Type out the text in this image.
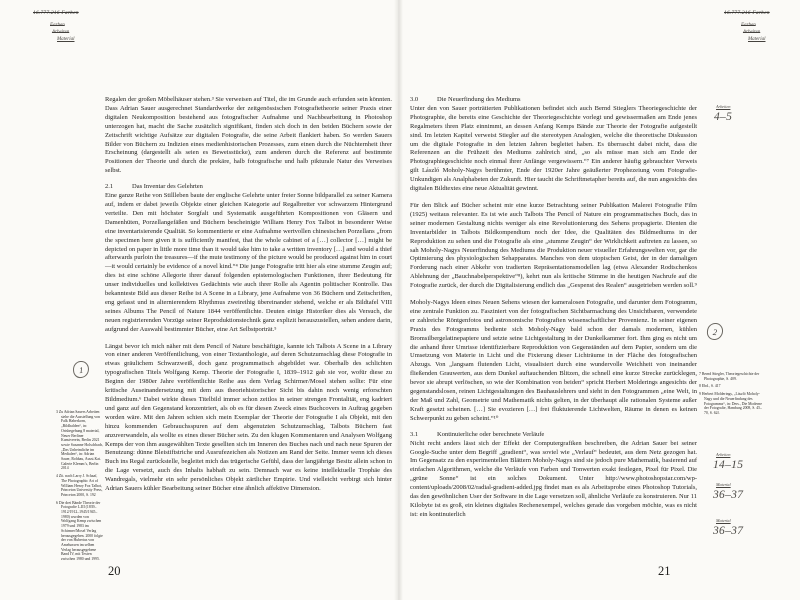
16.777.216 Farben
Farben
Arbeiten
Material
1
3 Zu Adrian Sauers Arbeiten siehe die Ausstellung von Falk Haberkorn, „Bildhalden“, in: Ortsbegehung 8 material, Neuer Berliner Kunstverein, Berlin 2021 sowie Susanne Holschbach, „Das Unheimliche im Medialen“, in: Adrian Sauer, Rohbau, Ausst.Kat. Galerie Klemm’s, Berlin 2014
4 Zit. nach Larry J. Schaaf, The Photographic Art of William Henry Fox Talbot, Princeton University Press, Princeton 2000, S. 192
6 Die drei Bände Theorie der Fotografie I–III (1839–1912/1912–1945/1945–1980) wurden von Wolfgang Kemp zwischen 1979 und 1983 im Schirmer/Mosel Verlag herausgegeben. 2000 folgte der von Hubertus von Amelunxen im selben Verlag herausgegebene Band IV, mit Texten zwischen 1980 und 1995.
Regalen der großen Möbelhäuser stehen.³ Sie verweisen auf Titel, die im Grunde auch erfunden sein könnten. Dass Adrian Sauer ausgerechnet Standardwerke der zeitgenössischen Fotografietheorie seiner Praxis einer digitalen Neukomposition bestehend aus fotografischer Aufnahme und Nachbearbeitung in Photoshop unterzogen hat, macht die Sache zusätzlich signifikant, finden sich doch in den beiden Büchern sowie der Zeitschrift wichtige Aufsätze zur digitalen Fotografie, die seine Arbeit flankiert haben. So werden Sauers Bilder von Büchern zu Indizien eines medienhistorischen Prozesses, zum einen durch die Nüchternheit ihrer Erscheinung (dargestellt als seien es Beweisstücke), zum anderen durch die Referenz auf bestimmte Positionen der Theorie und durch die prekäre, halb fotografische und halb pikturale Natur des Verweises selbst.
2.1	Das Inventar des Gelehrten
Eine ganze Reihe von Stillleben baute der englische Gelehrte unter freier Sonne bildparallel zu seiner Kamera auf, indem er dabei jeweils Objekte einer gleichen Kategorie auf Regalbretter vor schwarzem Hintergrund verteilte. Den mit höchster Sorgfalt und Systematik ausgeführten Kompositionen von Gläsern und Damenhüten, Porzellangefäßen und Büchern bescheinigte William Henry Fox Talbot in besonderer Weise eine inventarisierende Qualität. So kommentierte er eine Aufnahme wertvollen chinesischen Porzellans „from the specimen here given it is sufficiently manifest, that the whole cabinet of a […] collector […] might be depicted on paper in little more time than it would take him to take a written inventory […] and would a thief afterwards purloin the treasures—if the mute testimony of the picture would be produced against him in court—it would certainly be evidence of a novel kind.“⁴ Die junge Fotografie tritt hier als eine stumme Zeugin auf; dies ist eine schöne Allegorie ihrer darauf folgenden epistemologischen Funktionen, ihrer Bedeutung für unser individuelles und kollektives Gedächtnis wie auch ihrer Rolle als Agentin politischer Kontrolle. Das bekannteste Bild aus dieser Reihe ist A Scene in a Library, jene Aufnahme von 36 Büchern und Zeitschriften, eng gefasst und in alternierendem Rhythmus zweireihig übereinander stehend, welche er als Bildtafel VIII seines Albums The Pencil of Nature 1844 veröffentlichte. Deuten einige Historiker dies als Versuch, die neuen registrierenden Vorzüge seiner Reproduktionstechnik ganz explizit herauszustellen, sehen andere darin, aufgrund der Auswahl bestimmter Bücher, eine Art Selbstporträt.⁵
Längst bevor ich mich näher mit dem Pencil of Nature beschäftigte, kannte ich Talbots A Scene in a Library von einer anderen Veröffentlichung, von einer Textanthologie, auf deren Schutzumschlag diese Fotografie in etwas gräulichem Schwarzweiß, doch ganz programmatisch abgebildet war. Oberhalb des schlichten typografischen Titels Wolfgang Kemp. Theorie der Fotografie I, 1839–1912 gab sie vor, wofür diese zu Beginn der 1980er Jahre veröffentlichte Reihe aus dem Verlag Schirmer/Mosel stehen sollte: Für eine kritische Auseinandersetzung mit dem aus theoriehistorischer Sicht bis dahin noch wenig erforschten Bildmedium.⁶ Dabei wirkte dieses Titelbild immer schon zeitlos in seiner strengen Frontalität, eng kadriert und ganz auf den Gegenstand konzentriert, als ob es für diesen Zweck eines Buchcovers in Auftrag gegeben worden wäre. Mit den Jahren schien sich mein Exemplar der Theorie der Fotografie I als Objekt, mit den hinzu kommenden Gebrauchsspuren auf dem abgenutzten Schutzumschlag, Talbots Büchern fast anzuverwandeln, als wollte es eines dieser Bücher sein. Zu den klugen Kommentaren und Analysen Wolfgang Kemps der von ihm ausgewählten Texte gesellten sich im Inneren des Buches nach und nach neue Spuren der Benutzung: dünne Bleistiftstriche und Ausrufezeichen als Notizen am Rand der Seite. Immer wenn ich dieses Buch ins Regal zurückstelle, begleitet mich das trügerische Gefühl, dass der langjährige Besitz allein schon in die Lage versetzt, auch des Inhalts habhaft zu sein. Demnach war es keine intellektuelle Trophäe des Wandregals, vielmehr ein sehr persönliches Objekt zärtlicher Empirie. Und vielleicht verbirgt sich hinter Adrian Sauers kühler Bearbeitung seiner Bücher eine ähnlich affektive Dimension.
20
16.777.216 Farben
Farben
Arbeiten
Material
Arbeiten
4–5
2
7 Bernd Stiegler, Theoriegeschichte der Photographie, S. 409.
8 Ebd., S. 417
9 Herbert Molderings, „László Moholy-Nagy und die Neuerfindung des Fotogramms“, in: Ders., Die Moderne der Fotografie, Hamburg 2008, S. 45–70, S. 62f.
Arbeiten
14–15
Material
36–37
Material
36–37
3.0	Die Neuerfindung des Mediums
Unter den von Sauer porträtierten Publikationen befindet sich auch Bernd Stieglers Theoriegeschichte der Photographie, die bereits eine Geschichte der Theoriegeschichte vorlegt und gewissermaßen am Ende jenes Regalmeters ihren Platz einnimmt, an dessen Anfang Kemps Bände zur Theorie der Fotografie aufgestellt sind. Im letzten Kapitel verweist Stiegler auf die stereotypen Analogien, welche die theoretische Diskussion um die digitale Fotografie in den letzten Jahren begleitet haben. Es überrascht dabei nicht, dass die Referenzen an die Frühzeit des Mediums zahlreich sind, „so als müsse man sich am Ende der Photographiegeschichte noch einmal ihrer Anfänge vergewissern.“⁷ Ein anderer häufig gebrauchter Verweis gilt László Moholy-Nagys berühmter, Ende der 1920er Jahre geäußerter Prophezeiung vom Fotografie-Unkundigen als Analphabeten der Zukunft. Hier taucht die Schriftmetapher bereits auf, die nun angesichts des digitalen Bildtextes eine neue Aktualität gewinnt.
Für den Blick auf Bücher scheint mir eine kurze Betrachtung seiner Publikation Malerei Fotografie Film (1925) weitaus relevanter. Es ist wie auch Talbots The Pencil of Nature ein programmatisches Buch, das in seiner modernen Gestaltung nichts weniger als eine Revolutionierung des Sehens propagierte. Dienten die Inventarbilder in Talbots Bildkompendium noch der Idee, die Qualitäten des Bildmediums in der Reproduktion zu sehen und die Fotografie als eine „stumme Zeugin“ der Wirklichkeit auftreten zu lassen, so sah Moholy-Nagys Neuerfindung des Mediums die Produktion neuer visueller Erfahrungswelten vor, gar die Optimierung des physiologischen Sehapparates. Manches von dem utopischen Geist, der in der damaligen Forderung nach einer Abkehr von tradierten Repräsentationsmodellen lag (etwa Alexander Rodtschenkos Ablehnung der „Bauchnabelperspektive“⁸), kehrt nun als kritische Stimme in die heutigen Nachrufe auf die Fotografie zurück, der durch die Digitalisierung endlich das „Gespenst des Realen“ ausgetrieben werden soll.⁹
Moholy-Nagys Ideen eines Neuen Sehens wiesen der kameralosen Fotografie, und darunter dem Fotogramm, eine zentrale Funktion zu. Fasziniert von der fotografischen Sichtbarmachung des Unsichtbaren, verwendete er zahlreiche Röntgenfotos und astronomische Fotografien wissenschaftlicher Provenienz. In seiner eigenen Praxis des Fotogramms bediente sich Moholy-Nagy bald schon der damals modernen, kühlen Bromsilbergelatinepapiere und setzte seine Lichtgestaltung in der Dunkelkammer fort. Ihm ging es nicht um die anhand ihrer Umrisse identifizierbare Reproduktion von Gegenständen auf dem Papier, sondern um die Umsetzung von Materie in Licht und die Fixierung dieser Lichträume in der Fläche des fotografischen Abzugs. Von „langsam flutenden Licht, visualisiert durch eine wundervolle Weichheit von ineinander fließenden Grauwerten, aus dem Dunkel auftauchenden Blitzen, die schnell eine kurze Strecke zurücklegen, bevor sie abrupt verlöschen, so wie der Kombination von beiden“ spricht Herbert Molderings angesichts der gegenstandslosen, reinen Lichtgestaltungen des Bauhauslehrers und sieht in den Fotogrammen „eine Welt, in der Maß und Zahl, Geometrie und Mathematik nichts gelten, in der überhaupt alle rationalen Systeme außer Kraft gesetzt scheinen. […] Sie evozieren […] frei fluktuierende Lichtwelten, Räume in denen es keinen Schwerpunkt zu geben scheint.“¹⁰
3.1	Kontinuierliche oder berechnete Verläufe
Nicht recht anders lässt sich der Effekt der Computergrafiken beschreiben, die Adrian Sauer bei seiner Google-Suche unter dem Begriff „gradient“, was soviel wie „Verlauf“ bedeutet, aus dem Netz gezogen hat. Im Gegensatz zu den experimentellen Blättern Moholy-Nagys sind sie jedoch pure Mathematik, basierend auf einfachen Algorithmen, welche die Verläufe von Farben und Tonwerten exakt festlegen, Pixel für Pixel. Die „grüne Sonne“ ist ein solches Dokument. Unter http://www.photoshopstar.com/wp-content/uploads/2008/02/radial-gradient-added.jpg findet man es als Arbeitsprobe eines Photoshop Tutorials, das den gewöhnlichen User der Software in die Lage versetzen soll, ähnliche Verläufe zu konstruieren. Nur 11 Kilobyte ist es groß, ein kleines digitales Rechenexempel, welches gerade das vorgeben möchte, was es nicht ist: ein kontinuierlich
21
